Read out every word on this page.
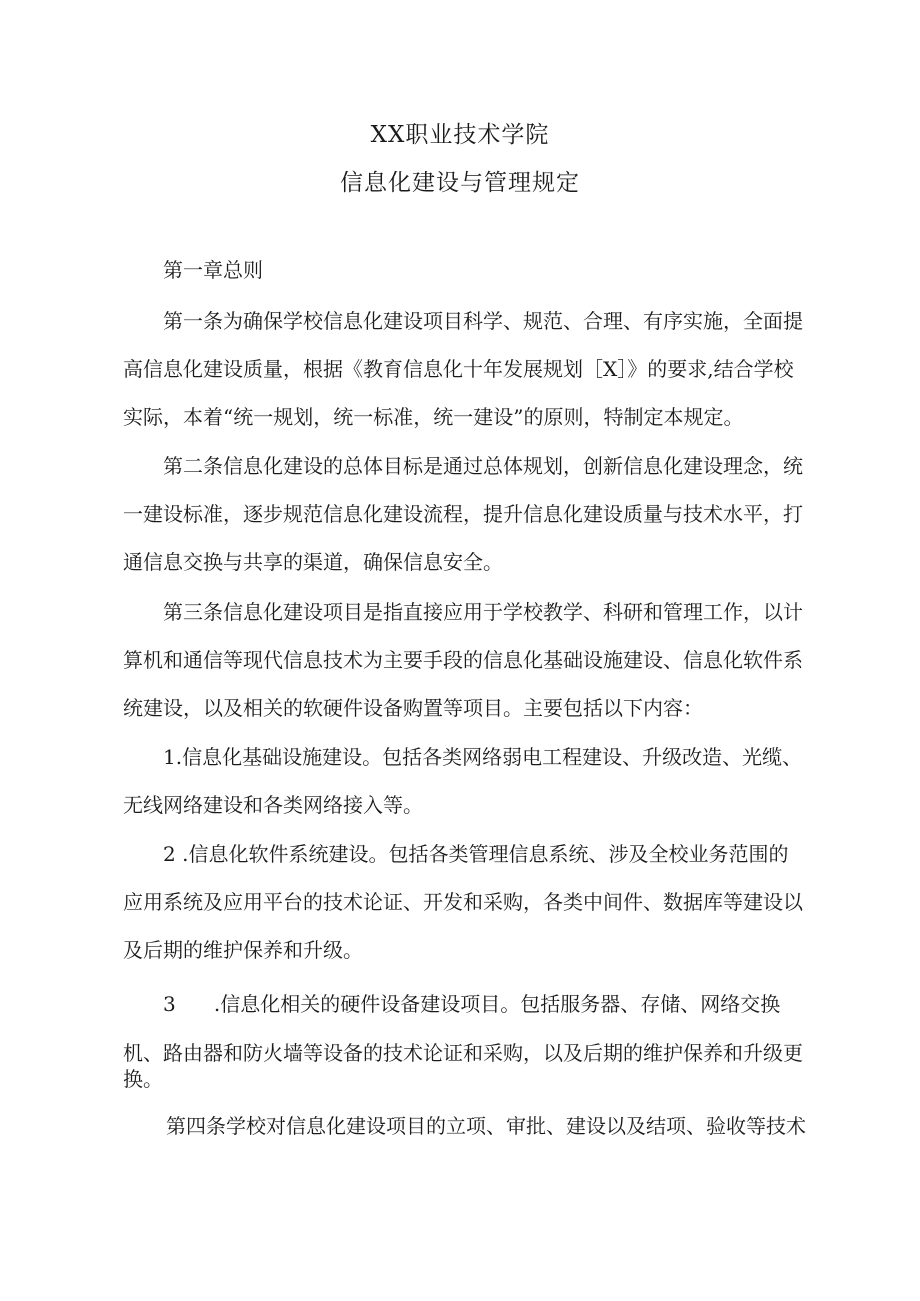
XX职业技术学院
信息化建设与管理规定
第一章总则
第一条为确保学校信息化建设项目科学、规范、合理、有序实施，全面提
高信息化建设质量，根据《教育信息化十年发展规划［X］》的要求,结合学校
实际，本着“统一规划，统一标准，统一建设”的原则，特制定本规定。
第二条信息化建设的总体目标是通过总体规划，创新信息化建设理念，统
一建设标准，逐步规范信息化建设流程，提升信息化建设质量与技术水平，打
通信息交换与共享的渠道，确保信息安全。
第三条信息化建设项目是指直接应用于学校教学、科研和管理工作，以计
算机和通信等现代信息技术为主要手段的信息化基础设施建设、信息化软件系
统建设，以及相关的软硬件设备购置等项目。主要包括以下内容：
1.信息化基础设施建设。包括各类网络弱电工程建设、升级改造、光缆、
无线网络建设和各类网络接入等。
2 .信息化软件系统建设。包括各类管理信息系统、涉及全校业务范围的
应用系统及应用平台的技术论证、开发和采购，各类中间件、数据库等建设以
及后期的维护保养和升级。
3      .信息化相关的硬件设备建设项目。包括服务器、存储、网络交换
机、路由器和防火墙等设备的技术论证和采购，以及后期的维护保养和升级更
换。
第四条学校对信息化建设项目的立项、审批、建设以及结项、验收等技术
